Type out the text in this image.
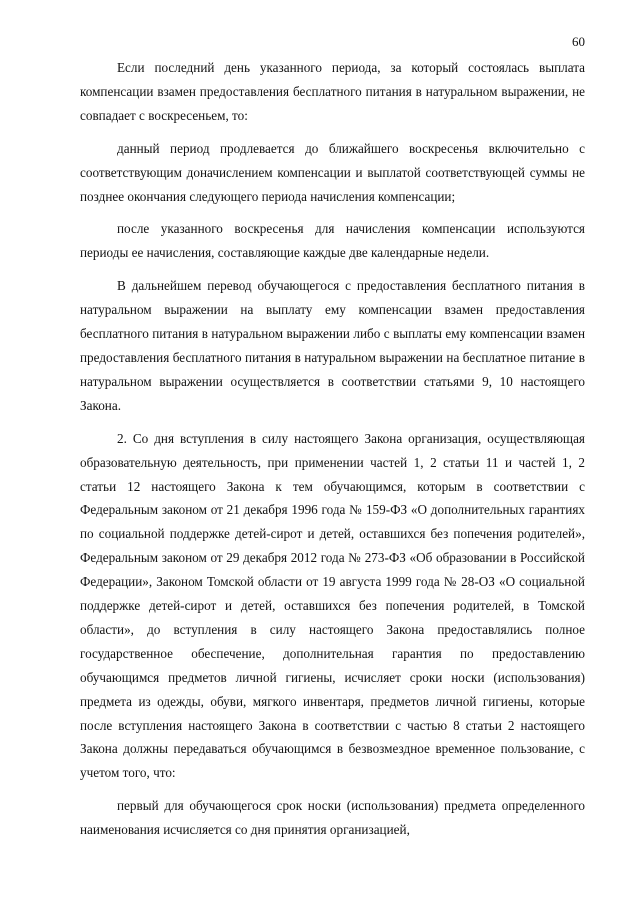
60

Если последний день указанного периода, за который состоялась выплата компенсации взамен предоставления бесплатного питания в натуральном выражении, не совпадает с воскресеньем, то:

данный период продлевается до ближайшего воскресенья включительно с соответствующим доначислением компенсации и выплатой соответствующей суммы не позднее окончания следующего периода начисления компенсации;

после указанного воскресенья для начисления компенсации используются периоды ее начисления, составляющие каждые две календарные недели.

В дальнейшем перевод обучающегося с предоставления бесплатного питания в натуральном выражении на выплату ему компенсации взамен предоставления бесплатного питания в натуральном выражении либо с выплаты ему компенсации взамен предоставления бесплатного питания в натуральном выражении на бесплатное питание в натуральном выражении осуществляется в соответствии статьями 9, 10 настоящего Закона.

2. Со дня вступления в силу настоящего Закона организация, осуществляющая образовательную деятельность, при применении частей 1, 2 статьи 11 и частей 1, 2 статьи 12 настоящего Закона к тем обучающимся, которым в соответствии с Федеральным законом от 21 декабря 1996 года № 159-ФЗ «О дополнительных гарантиях по социальной поддержке детей-сирот и детей, оставшихся без попечения родителей», Федеральным законом от 29 декабря 2012 года № 273-ФЗ «Об образовании в Российской Федерации», Законом Томской области от 19 августа 1999 года № 28-ОЗ «О социальной поддержке детей-сирот и детей, оставшихся без попечения родителей, в Томской области», до вступления в силу настоящего Закона предоставлялись полное государственное обеспечение, дополнительная гарантия по предоставлению обучающимся предметов личной гигиены, исчисляет сроки носки (использования) предмета из одежды, обуви, мягкого инвентаря, предметов личной гигиены, которые после вступления настоящего Закона в соответствии с частью 8 статьи 2 настоящего Закона должны передаваться обучающимся в безвозмездное временное пользование, с учетом того, что:

первый для обучающегося срок носки (использования) предмета определенного наименования исчисляется со дня принятия организацией,
